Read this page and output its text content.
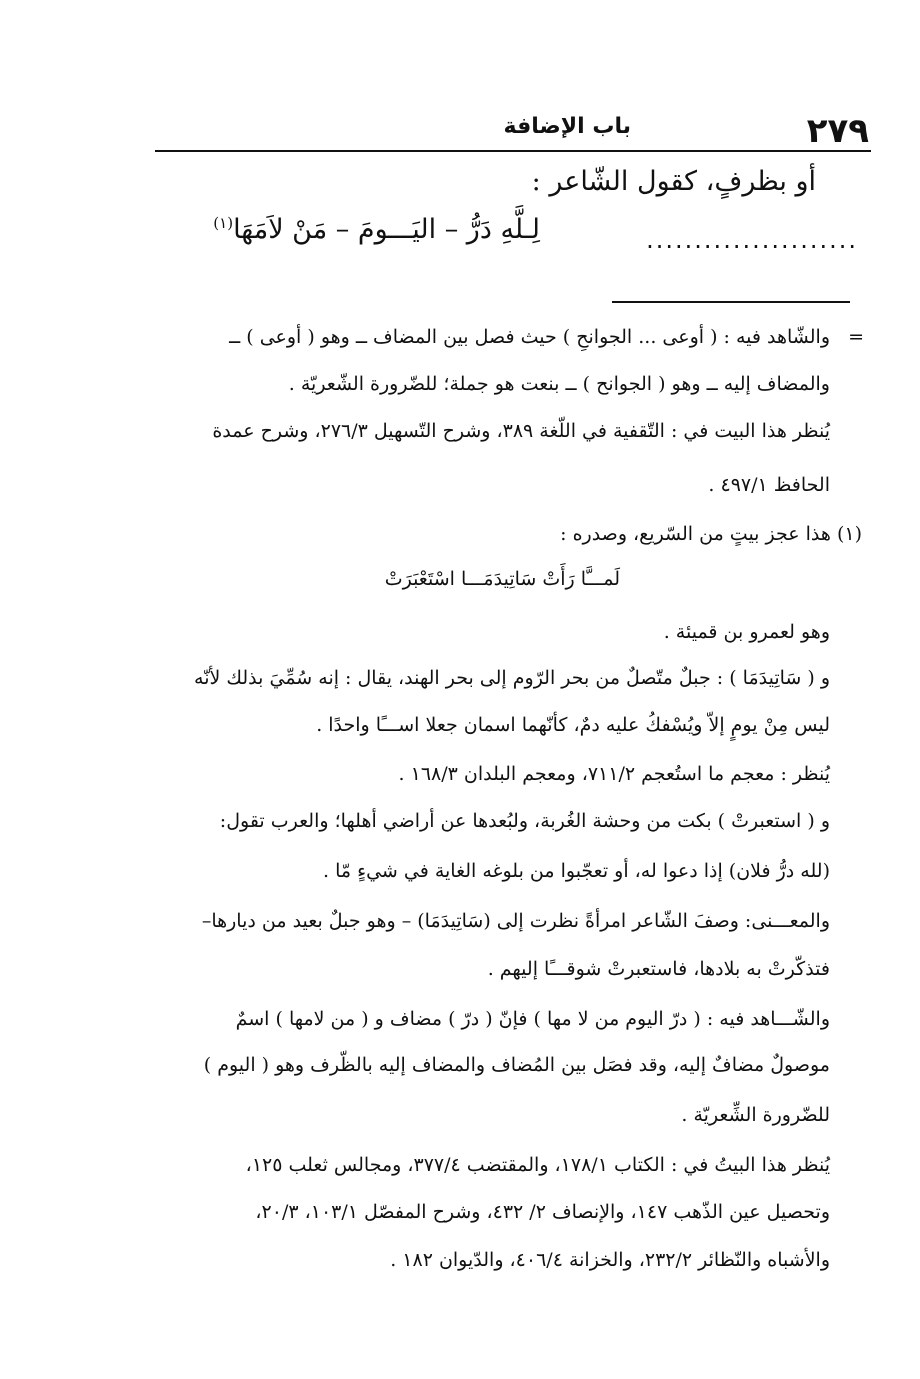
٢٧٩
باب الإضافة
أو بظرفٍ، كقول الشّاعر :
لِـلَّهِ دَرُّ – اليَـــومَ – مَنْ لاَمَهَا$^{(١)}$
......................
=
والشّاهد فيه : ( أوعى ... الجوانحِ ) حيث فصل بين المضاف ــ وهو ( أوعى ) ــ
والمضاف إليه ــ وهو ( الجوانح ) ــ بنعت هو جملة؛ للضّرورة الشّعريّة .
يُنظر هذا البيت في : التّقفية في اللّغة ٣٨٩، وشرح التّسهيل ٢٧٦/٣، وشرح عمدة
الحافظ ٤٩٧/١ .
(١) هذا عجز بيتٍ من السّريع، وصدره :
لَمـــَّا رَأَتْ سَاتِيدَمَـــا اسْتَعْبَرَتْ
وهو لعمرو بن قميئة .
و ( سَاتِيدَمَا ) : جبلٌ متّصلٌ من بحر الرّوم إلى بحر الهند، يقال : إنه سُمِّيَ بذلك لأنّه
ليس مِنْ يومٍ إلاّ ويُسْفكُ عليه دمٌ، كأنّهما اسمان جعلا اســـًا واحدًا .
يُنظر : معجم ما استُعجم ٧١١/٢، ومعجم البلدان ١٦٨/٣ .
و ( استعبرتْ ) بكت من وحشة الغُربة، ولبُعدها عن أراضي أهلها؛ والعرب تقول:
(لله درُّ فلان) إذا دعوا له، أو تعجّبوا من بلوغه الغاية في شيءٍ مّا .
والمعـــنى: وصفَ الشّاعر امرأةً نظرت إلى (سَاتِيدَمَا) – وهو جبلٌ بعيد من ديارها–
فتذكّرتْ به بلادها، فاستعبرتْ شوقـــًا إليهم .
والشّـــاهد فيه : ( درّ اليوم من لا مها ) فإنّ ( درّ ) مضاف و ( من لامها ) اسمٌ
موصولٌ مضافٌ إليه، وقد فصَل بين المُضاف والمضاف إليه بالظّرف وهو ( اليوم )
للضّرورة الشِّعريّة .
يُنظر هذا البيتُ في : الكتاب ١٧٨/١، والمقتضب ٣٧٧/٤، ومجالس ثعلب ١٢٥،
وتحصيل عين الذّهب ١٤٧، والإنصاف ٢/ ٤٣٢، وشرح المفصّل ١٠٣/١، ٢٠/٣،
والأشباه والنّظائر ٢٣٢/٢، والخزانة ٤٠٦/٤، والدّيوان ١٨٢ .
